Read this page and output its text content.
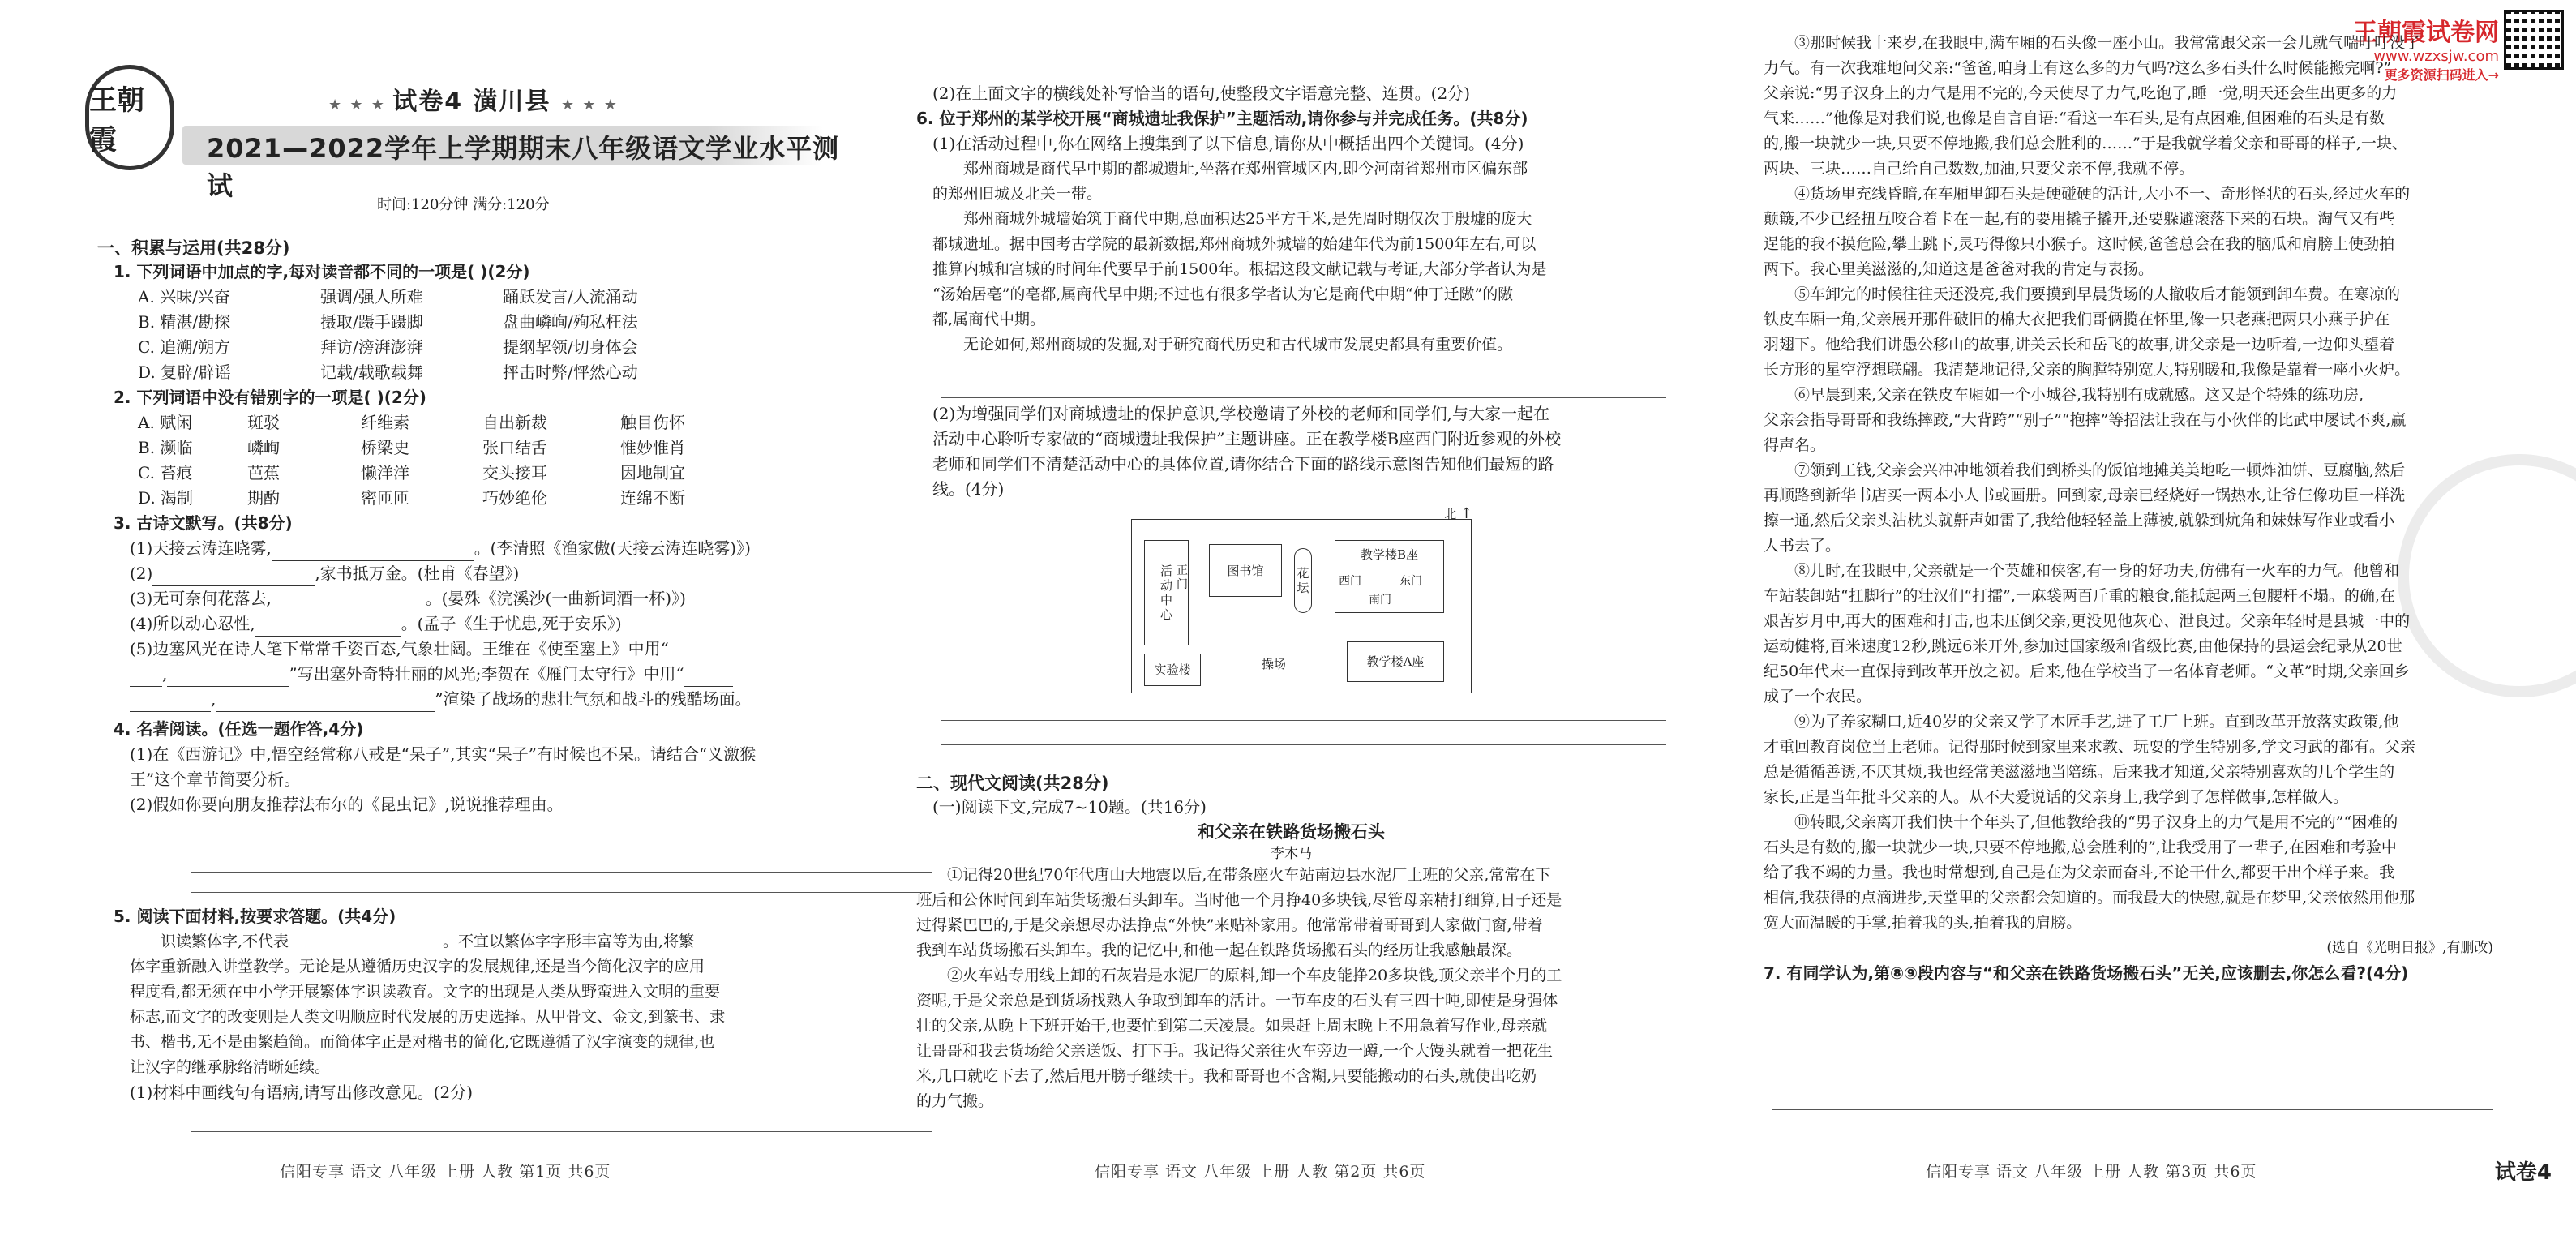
王朝霞试卷网
www.wzxsjw.com
更多资源扫码进入→
王朝霞
★ ★ ★ 试卷4 潢川县 ★ ★ ★
2021—2022学年上学期期末八年级语文学业水平测试
时间:120分钟 满分:120分
一、积累与运用(共28分)
1. 下列词语中加点的字,每对读音都不同的一项是( )(2分)
A. 兴味/兴奋	强调/强人所难	踊跃发言/人流涌动
B. 精湛/勘探	摄取/蹑手蹑脚	盘曲嶙峋/殉私枉法
C. 追溯/朔方	拜访/滂湃澎湃	提纲挈领/切身体会
D. 复辟/辟谣	记载/载歌载舞	抨击时弊/怦然心动
2. 下列词语中没有错别字的一项是( )(2分)
A. 赋闲	斑驳	纤维素	自出新裁	触目伤怀
B. 濒临	嶙峋	桥梁史	张口结舌	惟妙惟肖
C. 苔痕	芭蕉	懒洋洋	交头接耳	因地制宜
D. 渴制	期酌	密匝匝	巧妙绝伦	连绵不断
3. 古诗文默写。(共8分)
(1)天接云涛连晓雾,	。(李清照《渔家傲(天接云涛连晓雾)》)
(2)	,家书抵万金。(杜甫《春望》)
(3)无可奈何花落去,	。(晏殊《浣溪沙(一曲新词酒一杯)》)
(4)所以动心忍性,	。(孟子《生于忧患,死于安乐》)
(5)边塞风光在诗人笔下常常千姿百态,气象壮阔。王维在《使至塞上》中用“
,	”写出塞外奇特壮丽的风光;李贺在《雁门太守行》中用“
,	”渲染了战场的悲壮气氛和战斗的残酷场面。
4. 名著阅读。(任选一题作答,4分)
(1)在《西游记》中,悟空经常称八戒是“呆子”,其实“呆子”有时候也不呆。请结合“义激猴
王”这个章节简要分析。
(2)假如你要向朋友推荐法布尔的《昆虫记》,说说推荐理由。
5. 阅读下面材料,按要求答题。(共4分)
识读繁体字,不代表	。不宜以繁体字字形丰富等为由,将繁
体字重新融入讲堂教学。无论是从遵循历史汉字的发展规律,还是当今简化汉字的应用
程度看,都无须在中小学开展繁体字识读教育。文字的出现是人类从野蛮进入文明的重要
标志,而文字的改变则是人类文明顺应时代发展的历史选择。从甲骨文、金文,到篆书、隶
书、楷书,无不是由繁趋简。而简体字正是对楷书的简化,它既遵循了汉字演变的规律,也
让汉字的继承脉络清晰延续。
(1)材料中画线句有语病,请写出修改意见。(2分)
信阳专享 语文 八年级 上册 人教 第1页 共6页
(2)在上面文字的横线处补写恰当的语句,使整段文字语意完整、连贯。(2分)
6. 位于郑州的某学校开展“商城遗址我保护”主题活动,请你参与并完成任务。(共8分)
(1)在活动过程中,你在网络上搜集到了以下信息,请你从中概括出四个关键词。(4分)
郑州商城是商代早中期的都城遗址,坐落在郑州管城区内,即今河南省郑州市区偏东部
的郑州旧城及北关一带。
郑州商城外城墙始筑于商代中期,总面积达25平方千米,是先周时期仅次于殷墟的庞大
都城遗址。据中国考古学院的最新数据,郑州商城外城墙的始建年代为前1500年左右,可以
推算内城和宫城的时间年代要早于前1500年。根据这段文献记载与考证,大部分学者认为是
“汤始居亳”的亳都,属商代早中期;不过也有很多学者认为它是商代中期“仲丁迁隞”的隞
都,属商代中期。
无论如何,郑州商城的发掘,对于研究商代历史和古代城市发展史都具有重要价值。
(2)为增强同学们对商城遗址的保护意识,学校邀请了外校的老师和同学们,与大家一起在
活动中心聆听专家做的“商城遗址我保护”主题讲座。正在教学楼B座西门附近参观的外校
老师和同学们不清楚活动中心的具体位置,请你结合下面的路线示意图告知他们最短的路
线。(4分)
二、现代文阅读(共28分)
(一)阅读下文,完成7~10题。(共16分)
和父亲在铁路货场搬石头
李木马
①记得20世纪70年代唐山大地震以后,在带条座火车站南边县水泥厂上班的父亲,常常在下
班后和公休时间到车站货场搬石头卸车。当时他一个月挣40多块钱,尽管母亲精打细算,日子还是
过得紧巴巴的,于是父亲想尽办法挣点“外快”来贴补家用。他常常带着哥哥到人家做门窗,带着
我到车站货场搬石头卸车。我的记忆中,和他一起在铁路货场搬石头的经历让我感触最深。
②火车站专用线上卸的石灰岩是水泥厂的原料,卸一个车皮能挣20多块钱,顶父亲半个月的工
资呢,于是父亲总是到货场找熟人争取到卸车的活计。一节车皮的石头有三四十吨,即使是身强体
壮的父亲,从晚上下班开始干,也要忙到第二天凌晨。如果赶上周末晚上不用急着写作业,母亲就
让哥哥和我去货场给父亲送饭、打下手。我记得父亲往火车旁边一蹲,一个大馒头就着一把花生
米,几口就吃下去了,然后甩开膀子继续干。我和哥哥也不含糊,只要能搬动的石头,就使出吃奶
的力气搬。
信阳专享 语文 八年级 上册 人教 第2页 共6页
北 ↑
活动中心
正门
图书馆	花坛
教学楼B座
西门	东门
南门
实验楼	操场	教学楼A座
③那时候我十来岁,在我眼中,满车厢的石头像一座小山。我常常跟父亲一会儿就气喘吁吁没了
力气。有一次我难地问父亲:“爸爸,咱身上有这么多的力气吗?这么多石头什么时候能搬完啊?”
父亲说:“男子汉身上的力气是用不完的,今天使尽了力气,吃饱了,睡一觉,明天还会生出更多的力
气来……”他像是对我们说,也像是自言自语:“看这一车石头,是有点困难,但困难的石头是有数
的,搬一块就少一块,只要不停地搬,我们总会胜利的……”于是我就学着父亲和哥哥的样子,一块、
两块、三块……自己给自己数数,加油,只要父亲不停,我就不停。
④货场里充线昏暗,在车厢里卸石头是硬碰硬的活计,大小不一、奇形怪状的石头,经过火车的
颠簸,不少已经扭互咬合着卡在一起,有的要用撬子撬开,还要躲避滚落下来的石块。淘气又有些
逞能的我不摸危险,攀上跳下,灵巧得像只小猴子。这时候,爸爸总会在我的脑瓜和肩膀上使劲拍
两下。我心里美滋滋的,知道这是爸爸对我的肯定与表扬。
⑤车卸完的时候往往天还没亮,我们要摸到早晨货场的人撤收后才能领到卸车费。在寒凉的
铁皮车厢一角,父亲展开那件破旧的棉大衣把我们哥俩揽在怀里,像一只老燕把两只小燕子护在
羽翅下。他给我们讲愚公移山的故事,讲关云长和岳飞的故事,讲父亲是一边听着,一边仰头望着
长方形的星空浮想联翩。我清楚地记得,父亲的胸膛特别宽大,特别暖和,我像是靠着一座小火炉。
⑥早晨到来,父亲在铁皮车厢如一个小城谷,我特别有成就感。这又是个特殊的练功房,
父亲会指导哥哥和我练摔跤,“大背跨”“别子”“抱摔”等招法让我在与小伙伴的比武中屡试不爽,赢
得声名。
⑦领到工钱,父亲会兴冲冲地领着我们到桥头的饭馆地摊美美地吃一顿炸油饼、豆腐脑,然后
再顺路到新华书店买一两本小人书或画册。回到家,母亲已经烧好一锅热水,让爷仨像功臣一样洗
擦一通,然后父亲头沾枕头就鼾声如雷了,我给他轻轻盖上薄被,就躲到炕角和妹妹写作业或看小
人书去了。
⑧儿时,在我眼中,父亲就是一个英雄和侠客,有一身的好功夫,仿佛有一火车的力气。他曾和
车站装卸站“扛脚行”的壮汉们“打擂”,一麻袋两百斤重的粮食,能抵起两三包腰杆不塌。的确,在
艰苦岁月中,再大的困难和打击,也未压倒父亲,更没见他灰心、泄良过。父亲年轻时是县城一中的
运动健将,百米速度12秒,跳远6米开外,参加过国家级和省级比赛,由他保持的县运会纪录从20世
纪50年代末一直保持到改革开放之初。后来,他在学校当了一名体育老师。“文革”时期,父亲回乡
成了一个农民。
⑨为了养家糊口,近40岁的父亲又学了木匠手艺,进了工厂上班。直到改革开放落实政策,他
才重回教育岗位当上老师。记得那时候到家里来求教、玩耍的学生特别多,学文习武的都有。父亲
总是循循善诱,不厌其烦,我也经常美滋滋地当陪练。后来我才知道,父亲特别喜欢的几个学生的
家长,正是当年批斗父亲的人。从不大爱说话的父亲身上,我学到了怎样做事,怎样做人。
⑩转眼,父亲离开我们快十个年头了,但他教给我的“男子汉身上的力气是用不完的”“困难的
石头是有数的,搬一块就少一块,只要不停地搬,总会胜利的”,让我受用了一辈子,在困难和考验中
给了我不竭的力量。我也时常想到,自己是在为父亲而奋斗,不论干什么,都要干出个样子来。我
相信,我获得的点滴进步,天堂里的父亲都会知道的。而我最大的快慰,就是在梦里,父亲依然用他那
宽大而温暖的手掌,拍着我的头,拍着我的肩膀。
(选自《光明日报》,有删改)
7. 有同学认为,第⑧⑨段内容与“和父亲在铁路货场搬石头”无关,应该删去,你怎么看?(4分)
信阳专享 语文 八年级 上册 人教 第3页 共6页	试卷4
